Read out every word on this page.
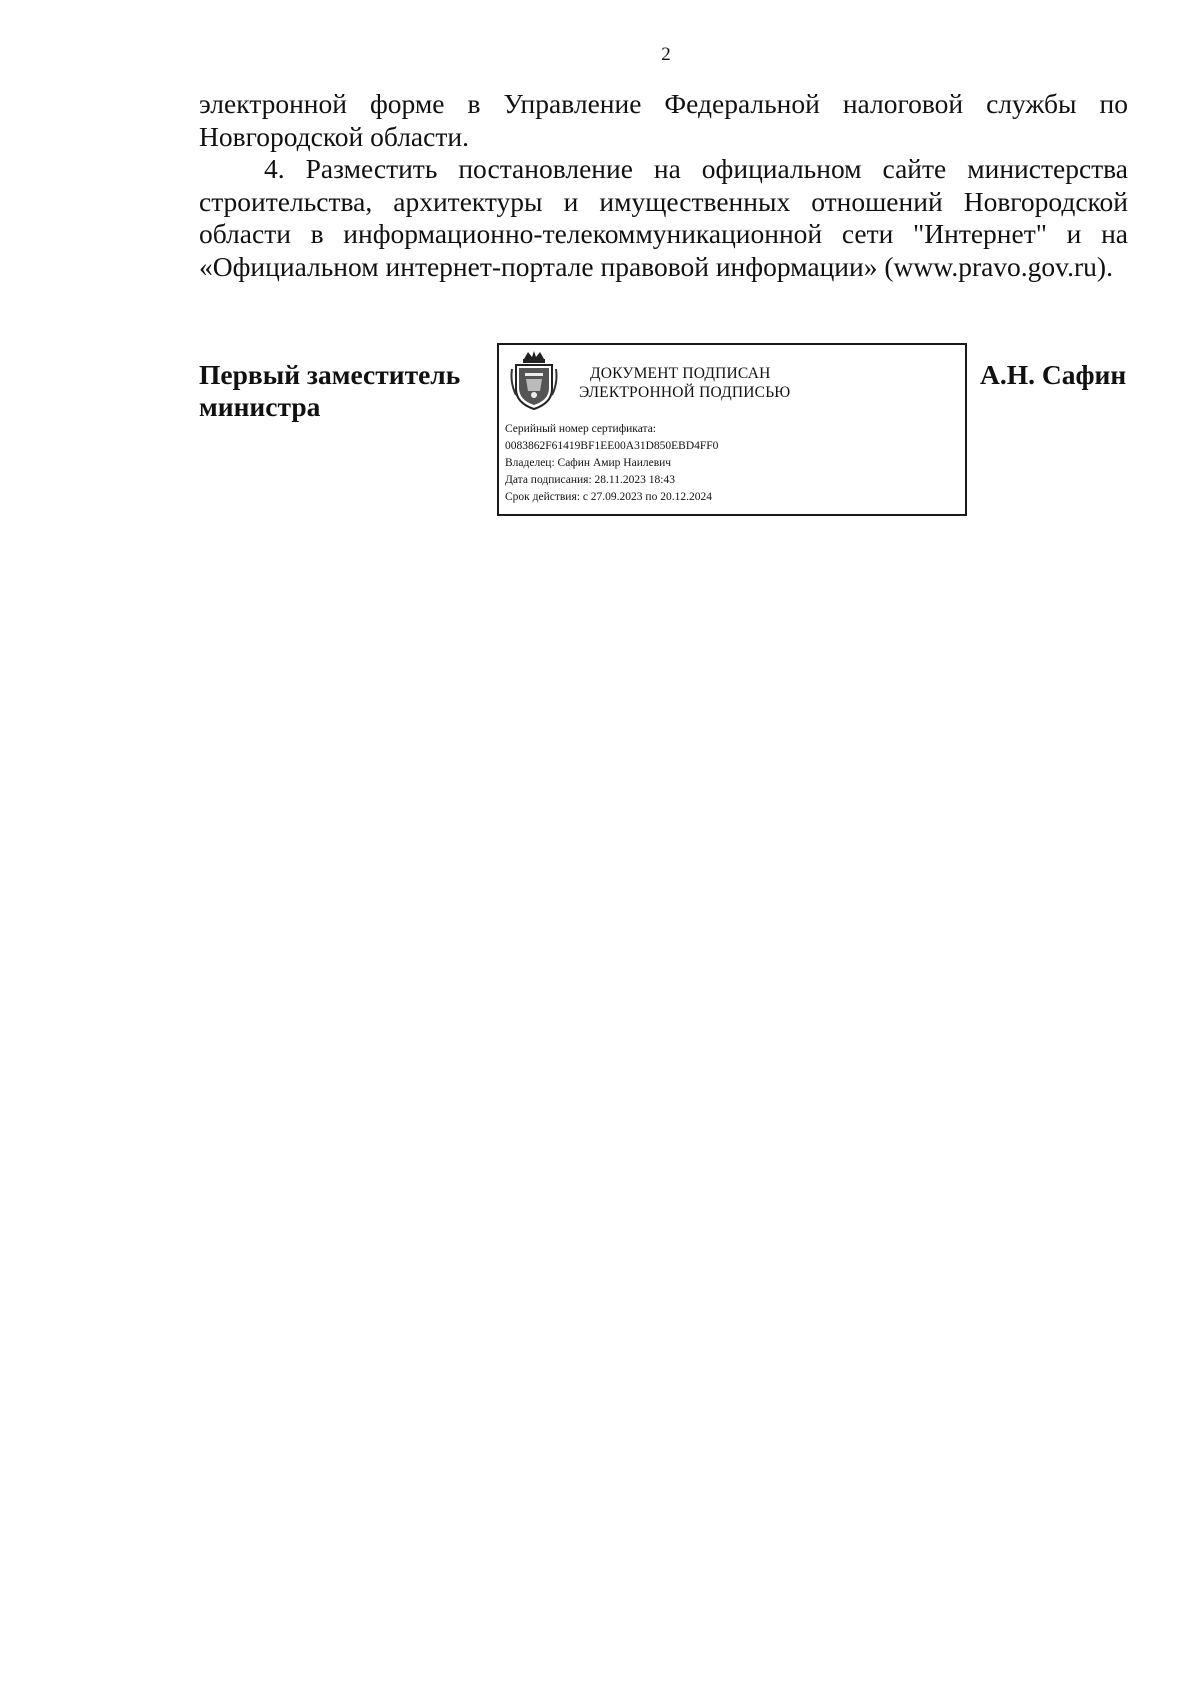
2

электронной форме в Управление Федеральной налоговой службы по Новгородской области.

4. Разместить постановление на официальном сайте министерства строительства, архитектуры и имущественных отношений Новгородской области в информационно-телекоммуникационной сети "Интернет" и на «Официальном интернет-портале правовой информации» (www.pravo.gov.ru).

Первый заместитель
министра
ДОКУМЕНТ ПОДПИСАН
ЭЛЕКТРОННОЙ ПОДПИСЬЮ
Серийный номер сертификата:
0083862F61419BF1EE00A31D850EBD4FF0
Владелец: Сафин Амир Наилевич
Дата подписания: 28.11.2023 18:43
Срок действия: с 27.09.2023 по 20.12.2024
А.Н. Сафин
